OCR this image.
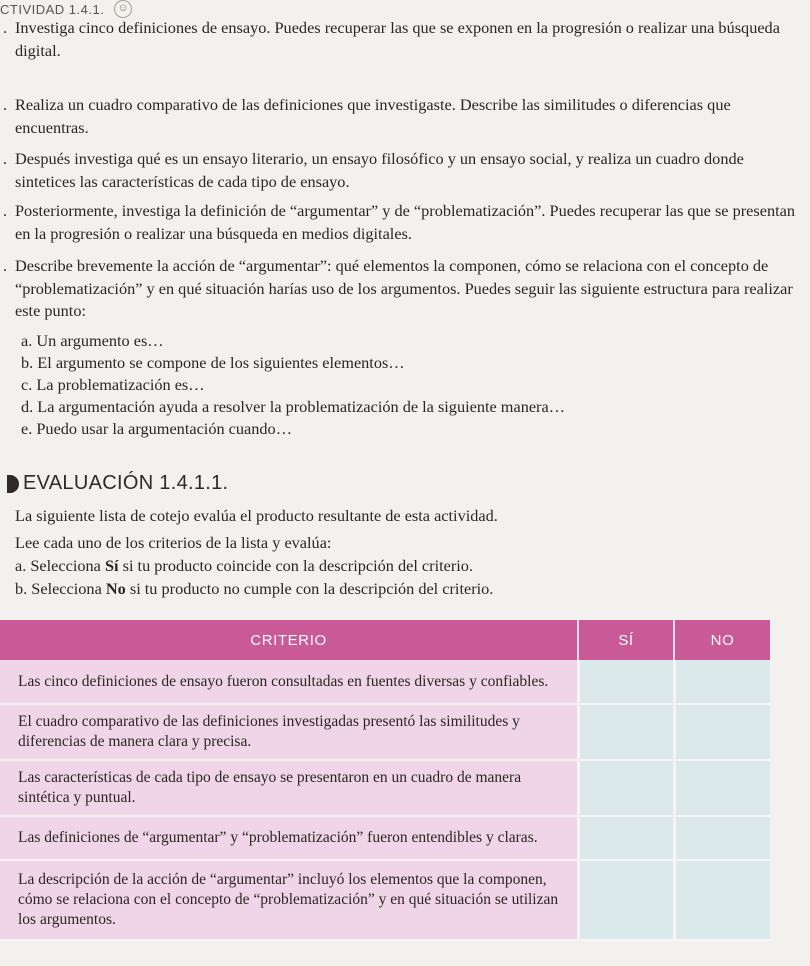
CTIVIDAD 1.4.1. ☺
. Investiga cinco definiciones de ensayo. Puedes recuperar las que se exponen en la progresión o realizar una búsqueda digital.
. Realiza un cuadro comparativo de las definiciones que investigaste. Describe las similitudes o diferencias que encuentras.
. Después investiga qué es un ensayo literario, un ensayo filosófico y un ensayo social, y realiza un cuadro donde sintetices las características de cada tipo de ensayo.
. Posteriormente, investiga la definición de “argumentar” y de “problematización”. Puedes recuperar las que se presentan en la progresión o realizar una búsqueda en medios digitales.
. Describe brevemente la acción de “argumentar”: qué elementos la componen, cómo se relaciona con el concepto de “problematización” y en qué situación harías uso de los argumentos. Puedes seguir las siguiente estructura para realizar este punto:
a. Un argumento es…
b. El argumento se compone de los siguientes elementos…
c. La problematización es…
d. La argumentación ayuda a resolver la problematización de la siguiente manera…
e. Puedo usar la argumentación cuando…
EVALUACIÓN 1.4.1.1.
La siguiente lista de cotejo evalúa el producto resultante de esta actividad.
Lee cada uno de los criterios de la lista y evalúa:
a. Selecciona Sí si tu producto coincide con la descripción del criterio.
b. Selecciona No si tu producto no cumple con la descripción del criterio.
CRITERIO	SÍ	NO
Las cinco definiciones de ensayo fueron consultadas en fuentes diversas y confiables.		
El cuadro comparativo de las definiciones investigadas presentó las similitudes y diferencias de manera clara y precisa.		
Las características de cada tipo de ensayo se presentaron en un cuadro de manera sintética y puntual.		
Las definiciones de “argumentar” y “problematización” fueron entendibles y claras.		
La descripción de la acción de “argumentar” incluyó los elementos que la componen, cómo se relaciona con el concepto de “problematización” y en qué situación se utilizan los argumentos.		
